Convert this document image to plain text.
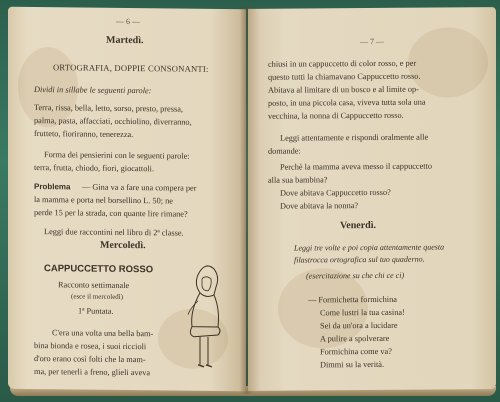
— 6 —
Martedì.
ORTOGRAFIA, DOPPIE CONSONANTI:
Dividi in sillabe le seguenti parole:
Terra, rissa, bella, letto, sorso, presto, pressa,
palma, pasta, affacciati, occhiolino, diverranno,
frutteto, fioriranno, tenerezza.
Forma dei pensierini con le seguenti parole:
terra, frutta, chiodo, fiori, giocattoli.
Problema — Gina va a fare una compera per
la mamma e porta nel borsellino L. 50; ne
perde 15 per la strada, con quante lire rimane?
Leggi due raccontini nel libro di 2ª classe.
Mercoledì.
CAPPUCCETTO ROSSO
Racconto settimanale
(esce il mercoledì)
1ª Puntata.
C'era una volta una bella bam-
bina bionda e rosea, i suoi riccioli
d'oro erano così folti che la mam-
ma, per tenerli a freno, glieli aveva
— 7 —
chiusi in un cappuccetto di color rosso, e per
questo tutti la chiamavano Cappuccetto rosso.
Abitava al limitare di un bosco e al limite op-
posto, in una piccola casa, viveva tutta sola una
vecchina, la nonna di Cappuccetto rosso.
Leggi attentamente e rispondi oralmente alle
domande:
Perchè la mamma aveva messo il cappuccetto
alla sua bambina?
Dove abitava Cappuccetto rosso?
Dove abitava la nonna?
Venerdì.
Leggi tre volte e poi copia attentamente questa
filastrocca ortografica sul tuo quaderno.
(esercitazione su che chi ce ci)
— Formichetta formichina
Come lustri la tua casina!
Sei da un'ora a lucidare
A pulire a spolverare
Formichina come va?
Dimmi su la verità.
